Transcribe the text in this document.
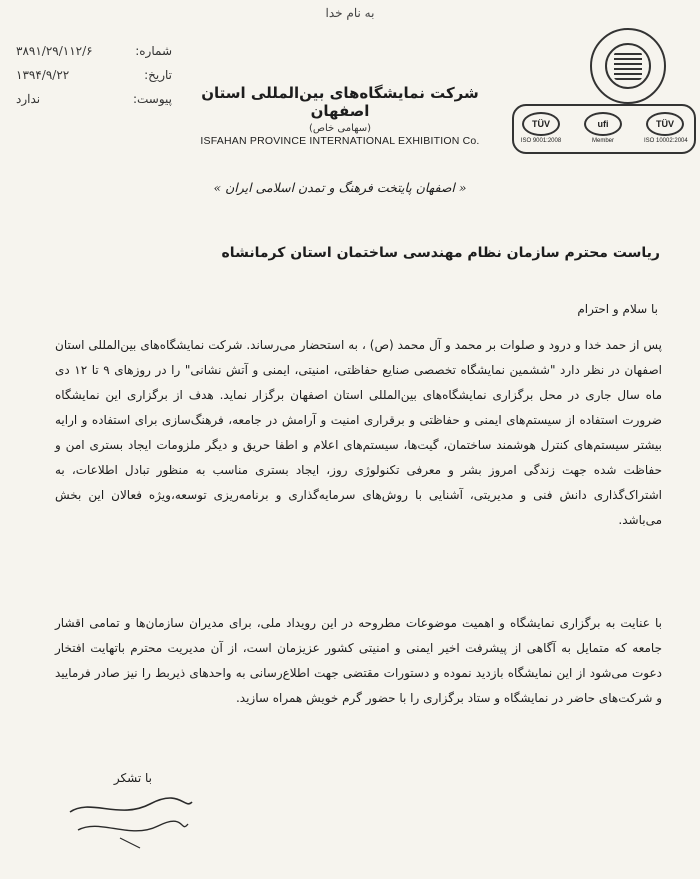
به نام خدا
شماره:
۳۸۹۱/۲۹/۱۱۲/۶
تاریخ:
۱۳۹۴/۹/۲۲
پیوست:
ندارد	شرکت نمایشگاه‌های بین‌المللی استان اصفهان
(سهامی خاص)
ISFAHAN PROVINCE INTERNATIONAL EXHIBITION Co.
TÜV
ISO 9001:2008
ufi
Member
TÜV
ISO 10002:2004
« اصفهان پایتخت فرهنگ و تمدن اسلامی ایران »
ریاست محترم سازمان نظام مهندسی ساختمان استان کرمانشاه
با سلام و احترام
پس از حمد خدا و درود و صلوات بر محمد و آل محمد (ص) ، به استحضار می‌رساند. شرکت نمایشگاه‌های بین‌المللی استان اصفهان در نظر دارد "ششمین نمایشگاه تخصصی صنایع حفاظتی، امنیتی، ایمنی و آتش نشانی" را در روزهای ۹ تا ۱۲ دی ماه سال جاری در محل برگزاری نمایشگاه‌های بین‌المللی استان اصفهان برگزار نماید. هدف از برگزاری این نمایشگاه ضرورت استفاده از سیستم‌های ایمنی و حفاظتی و برقراری امنیت و آرامش در جامعه، فرهنگ‌سازی برای استفاده و ارایه بیشتر سیستم‌های کنترل هوشمند ساختمان، گیت‌ها، سیستم‌های اعلام و اطفا حریق و دیگر ملزومات ایجاد بستری امن و حفاظت شده جهت زندگی امروز بشر و معرفی تکنولوژی روز، ایجاد بستری مناسب به منظور تبادل اطلاعات، به اشتراک‌گذاری دانش فنی و مدیریتی، آشنایی با روش‌های سرمایه‌گذاری و برنامه‌ریزی توسعه،‌ویژه فعالان این بخش می‌باشد.
با عنایت به برگزاری نمایشگاه و اهمیت موضوعات مطروحه در این رویداد ملی، برای مدیران سازمان‌ها و تمامی اقشار جامعه که متمایل به آگاهی از پیشرفت اخیر ایمنی و امنیتی کشور عزیزمان است، از آن مدیریت محترم باتهایت افتخار دعوت می‌شود از این نمایشگاه بازدید نموده و دستورات مقتضی جهت اطلاع‌رسانی به واحدهای ذیربط را نیز صادر فرمایید و شرکت‌های حاضر در نمایشگاه و ستاد برگزاری را با حضور گرم خویش همراه سازید.
با تشکر
